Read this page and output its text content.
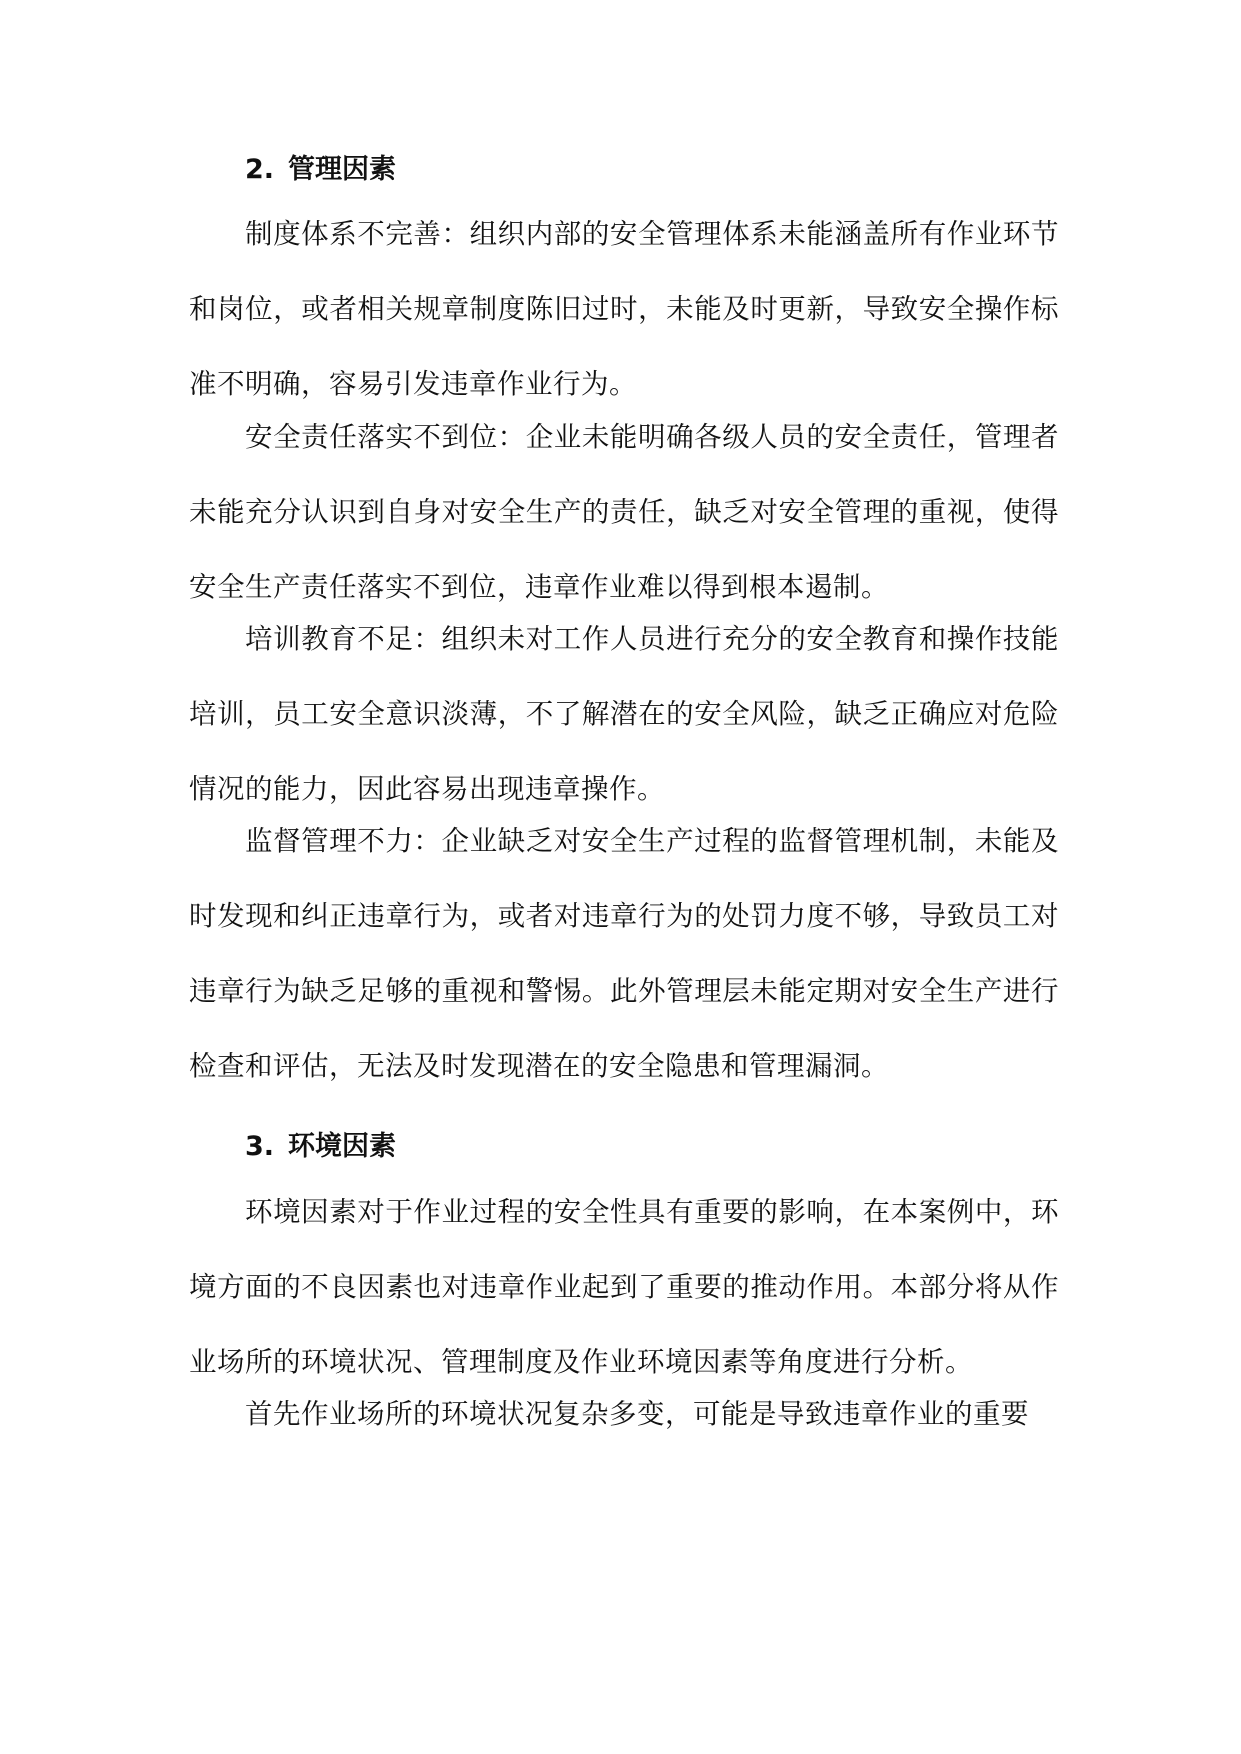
2. 管理因素

制度体系不完善：组织内部的安全管理体系未能涵盖所有作业环节和岗位，或者相关规章制度陈旧过时，未能及时更新，导致安全操作标准不明确，容易引发违章作业行为。

安全责任落实不到位：企业未能明确各级人员的安全责任，管理者未能充分认识到自身对安全生产的责任，缺乏对安全管理的重视，使得安全生产责任落实不到位，违章作业难以得到根本遏制。

培训教育不足：组织未对工作人员进行充分的安全教育和操作技能培训，员工安全意识淡薄，不了解潜在的安全风险，缺乏正确应对危险情况的能力，因此容易出现违章操作。

监督管理不力：企业缺乏对安全生产过程的监督管理机制，未能及时发现和纠正违章行为，或者对违章行为的处罚力度不够，导致员工对违章行为缺乏足够的重视和警惕。此外管理层未能定期对安全生产进行检查和评估，无法及时发现潜在的安全隐患和管理漏洞。

3. 环境因素

环境因素对于作业过程的安全性具有重要的影响，在本案例中，环境方面的不良因素也对违章作业起到了重要的推动作用。本部分将从作业场所的环境状况、管理制度及作业环境因素等角度进行分析。

首先作业场所的环境状况复杂多变，可能是导致违章作业的重要
